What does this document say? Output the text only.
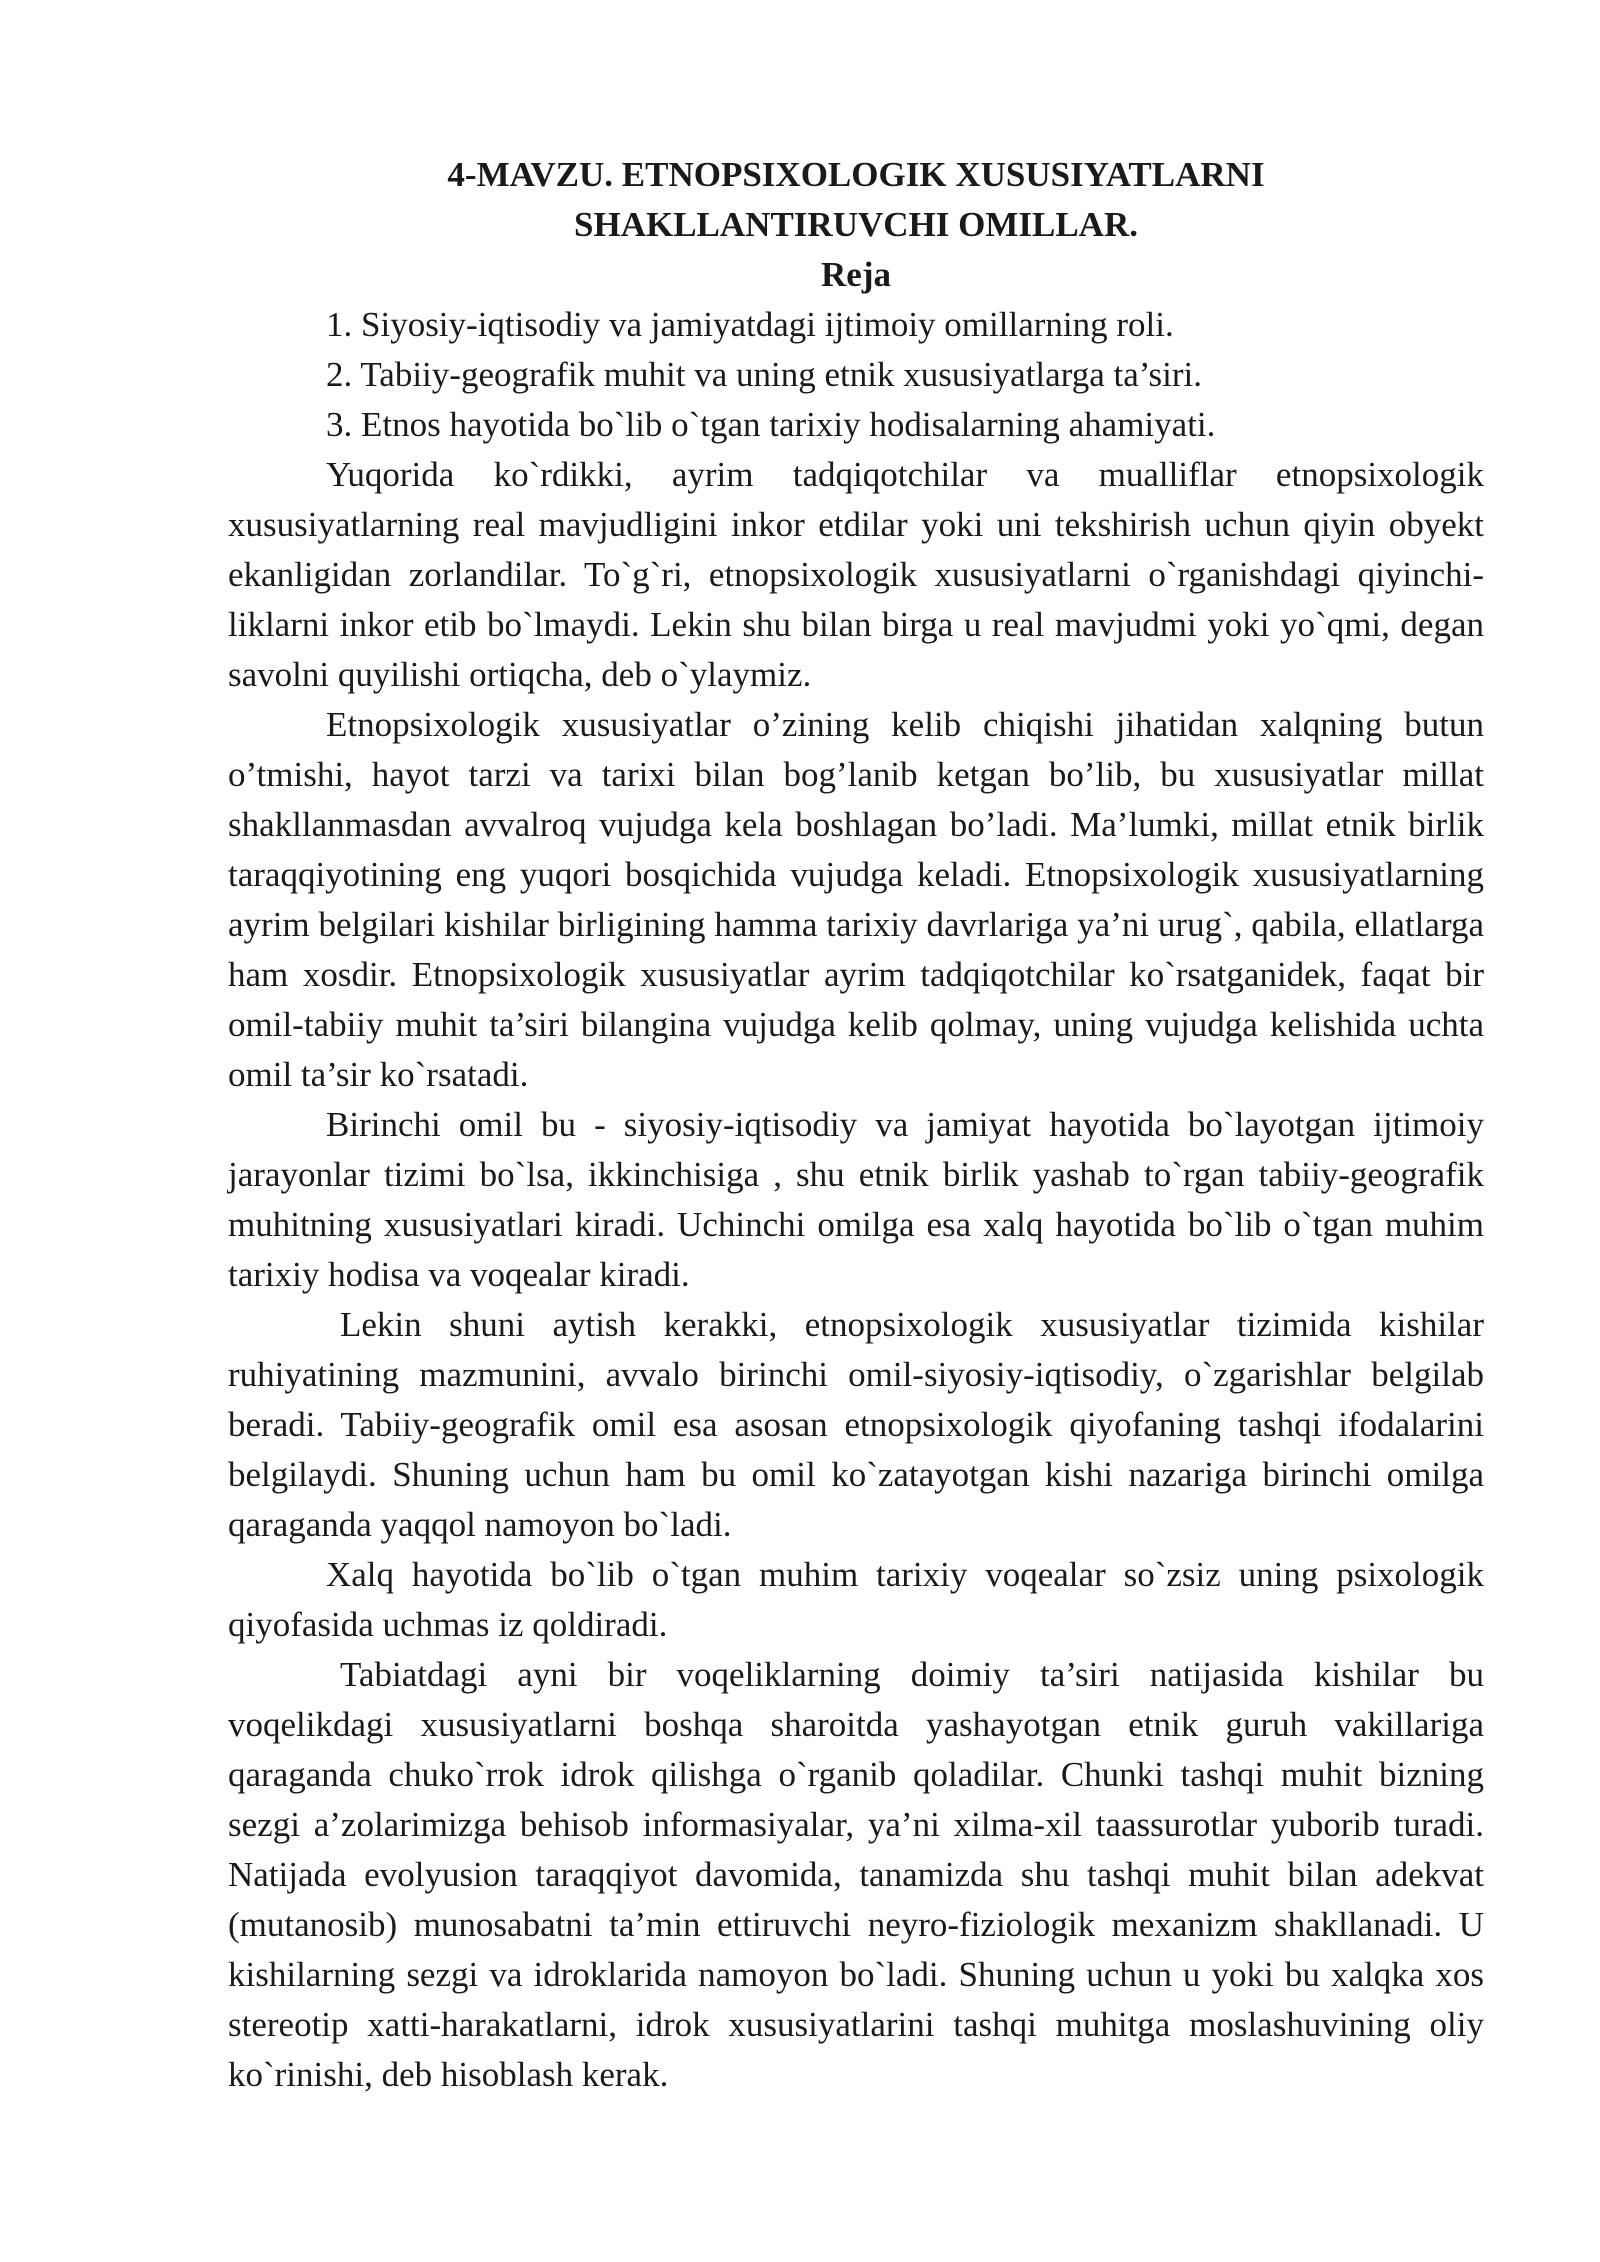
4-MAVZU. ETNOPSIXOLOGIK XUSUSIYATLARNI
SHAKLLANTIRUVCHI OMILLAR.
Reja
1. Siyosiy-iqtisodiy va jamiyatdagi ijtimoiy omillarning roli.
2. Tabiiy-geografik muhit va uning etnik xususiyatlarga ta’siri.
3. Etnos hayotida bo`lib o`tgan tarixiy hodisalarning ahamiyati.

Yuqorida ko`rdikki, ayrim tadqiqotchilar va mualliflar etnopsixologik xususiyatlarning real mavjudligini inkor etdilar yoki uni tekshirish uchun qiyin obyekt ekanligidan zorlandilar. To`g`ri, etnopsixologik xususiyatlarni o`rganishdagi qiyinchi-liklarni inkor etib bo`lmaydi. Lekin shu bilan birga u real mavjudmi yoki yo`qmi, degan savolni quyilishi ortiqcha, deb o`ylaymiz.

Etnopsixologik xususiyatlar o’zining kelib chiqishi jihatidan xalqning butun o’tmishi, hayot tarzi va tarixi bilan bog’lanib ketgan bo’lib, bu xususiyatlar millat shakllanmasdan avvalroq vujudga kela boshlagan bo’ladi. Ma’lumki, millat etnik birlik taraqqiyotining eng yuqori bosqichida vujudga keladi. Etnopsixologik xususiyatlarning ayrim belgilari kishilar birligining hamma tarixiy davrlariga ya’ni urug`, qabila, ellatlarga ham xosdir. Etnopsixologik xususiyatlar ayrim tadqiqotchilar ko`rsatganidek, faqat bir omil-tabiiy muhit ta’siri bilangina vujudga kelib qolmay, uning vujudga kelishida uchta omil ta’sir ko`rsatadi.

Birinchi omil bu - siyosiy-iqtisodiy va jamiyat hayotida bo`layotgan ijtimoiy jarayonlar tizimi bo`lsa, ikkinchisiga , shu etnik birlik yashab to`rgan tabiiy-geografik muhitning xususiyatlari kiradi. Uchinchi omilga esa xalq hayotida bo`lib o`tgan muhim tarixiy hodisa va voqealar kiradi.

Lekin shuni aytish kerakki, etnopsixologik xususiyatlar tizimida kishilar ruhiyatining mazmunini, avvalo birinchi omil-siyosiy-iqtisodiy, o`zgarishlar belgilab beradi. Tabiiy-geografik omil esa asosan etnopsixologik qiyofaning tashqi ifodalarini belgilaydi. Shuning uchun ham bu omil ko`zatayotgan kishi nazariga birinchi omilga qaraganda yaqqol namoyon bo`ladi.

Xalq hayotida bo`lib o`tgan muhim tarixiy voqealar so`zsiz uning psixologik qiyofasida uchmas iz qoldiradi.

Tabiatdagi ayni bir voqeliklarning doimiy ta’siri natijasida kishilar bu voqelikdagi xususiyatlarni boshqa sharoitda yashayotgan etnik guruh vakillariga qaraganda chuko`rrok idrok qilishga o`rganib qoladilar. Chunki tashqi muhit bizning sezgi a’zolarimizga behisob informasiyalar, ya’ni xilma-xil taassurotlar yuborib turadi. Natijada evolyusion taraqqiyot davomida, tanamizda shu tashqi muhit bilan adekvat (mutanosib) munosabatni ta’min ettiruvchi neyro-fiziologik mexanizm shakllanadi. U kishilarning sezgi va idroklarida namoyon bo`ladi. Shuning uchun u yoki bu xalqka xos stereotip xatti-harakatlarni, idrok xususiyatlarini tashqi muhitga moslashuvining oliy ko`rinishi, deb hisoblash kerak.
